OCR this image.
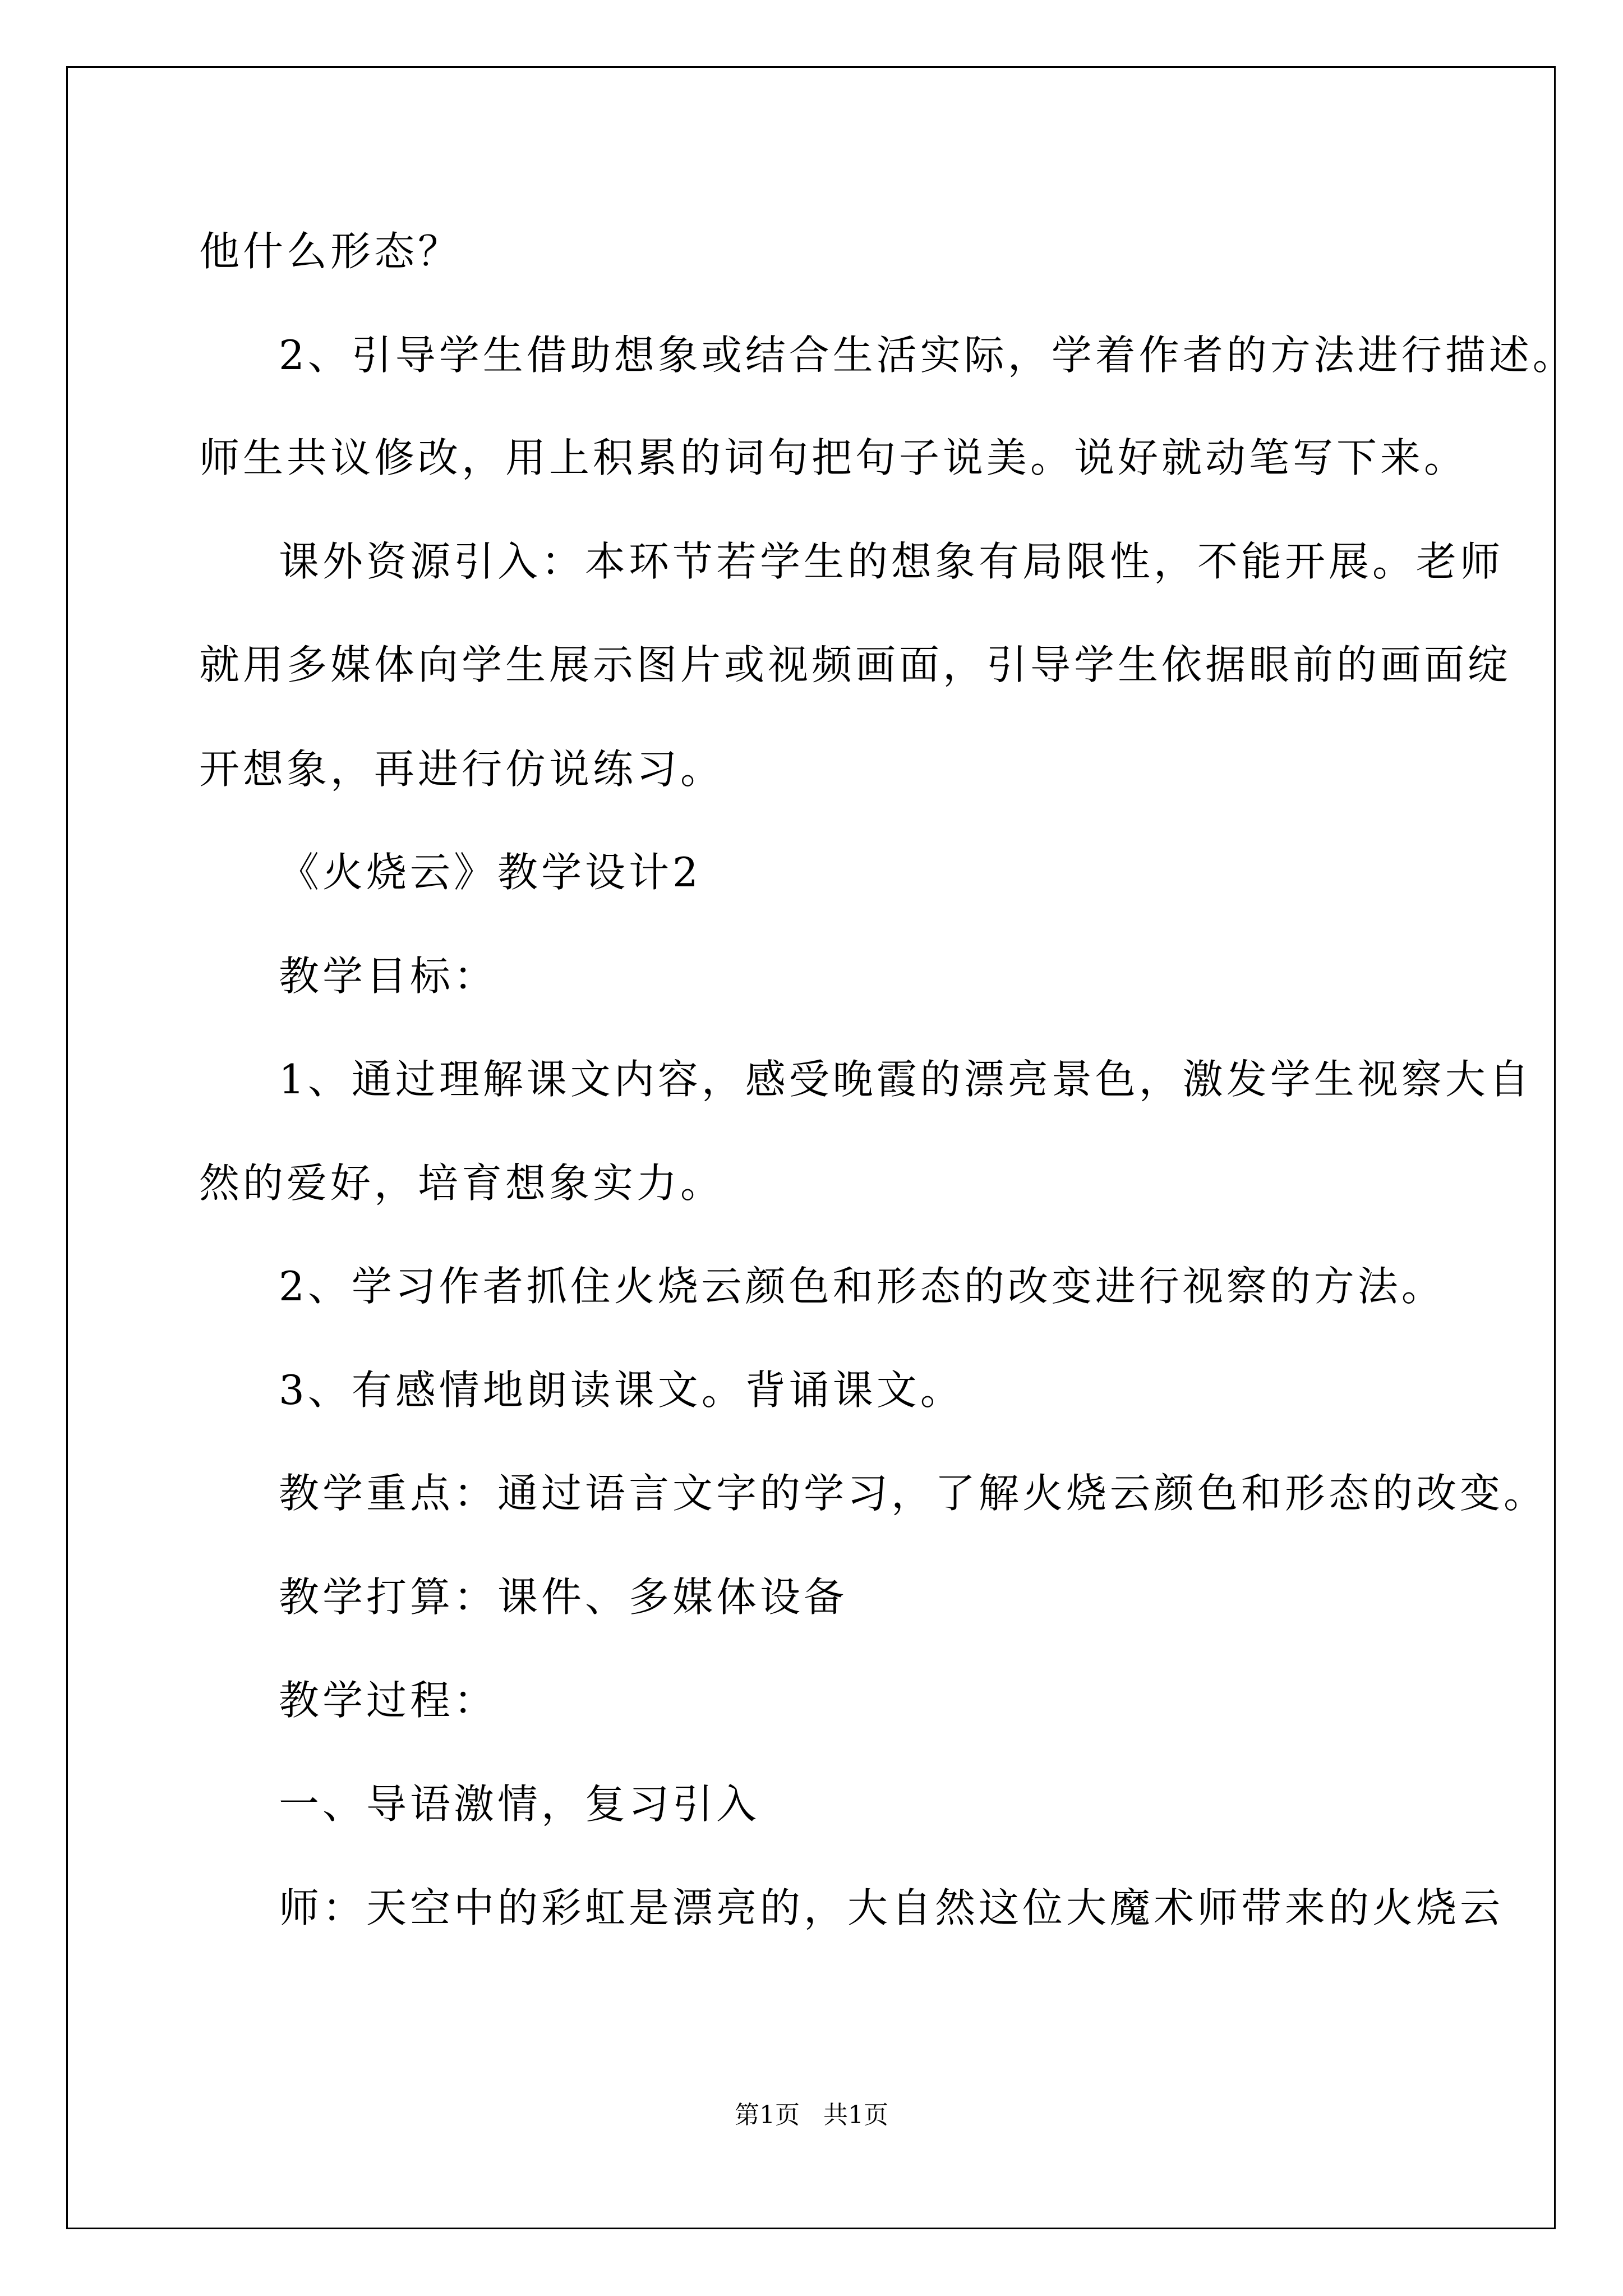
他什么形态？
2、引导学生借助想象或结合生活实际，学着作者的方法进行描述。
师生共议修改，用上积累的词句把句子说美。说好就动笔写下来。
课外资源引入：本环节若学生的想象有局限性，不能开展。老师
就用多媒体向学生展示图片或视频画面，引导学生依据眼前的画面绽
开想象，再进行仿说练习。
《火烧云》教学设计2
教学目标：
1、通过理解课文内容，感受晚霞的漂亮景色，激发学生视察大自
然的爱好，培育想象实力。
2、学习作者抓住火烧云颜色和形态的改变进行视察的方法。
3、有感情地朗读课文。背诵课文。
教学重点：通过语言文字的学习，了解火烧云颜色和形态的改变。
教学打算：课件、多媒体设备
教学过程：
一、导语激情，复习引入
师：天空中的彩虹是漂亮的，大自然这位大魔术师带来的火烧云
第1页   共1页
